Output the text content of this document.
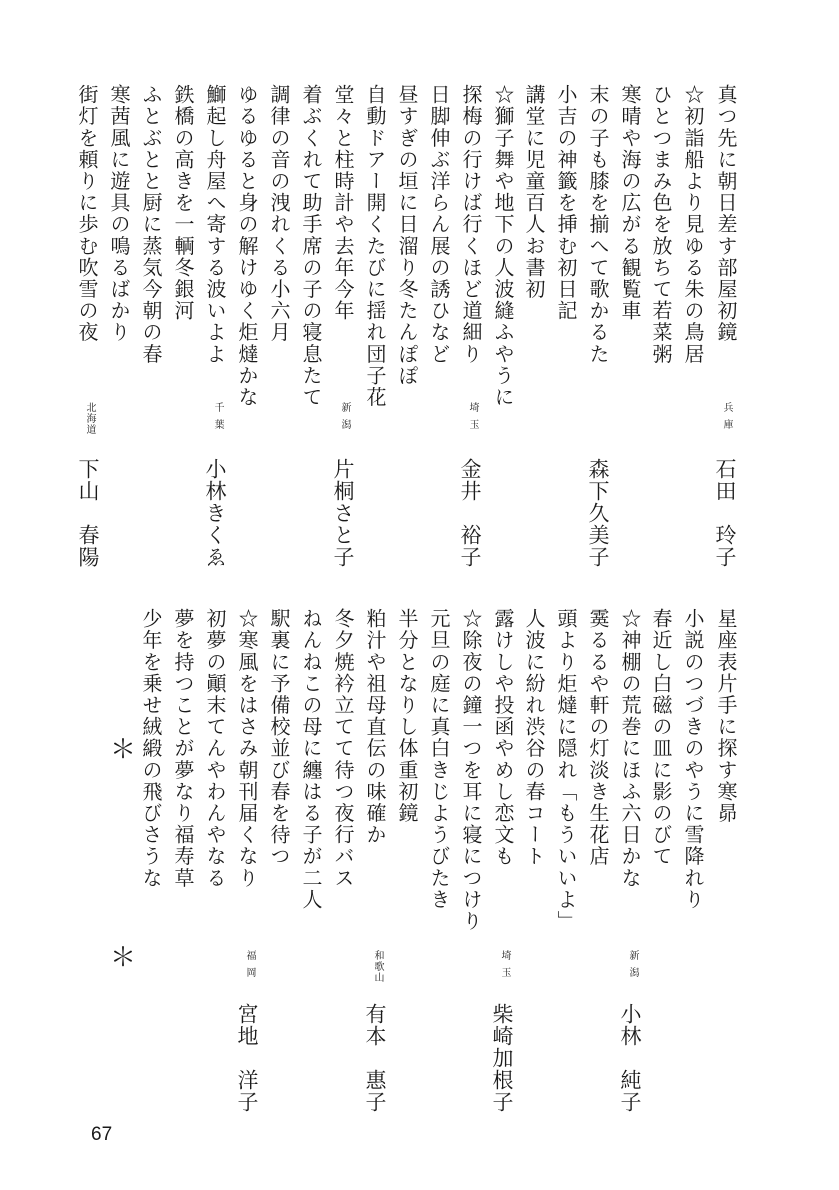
真つ先に朝日差す部屋初鏡

☆初詣船より見ゆる朱の鳥居

ひとつまみ色を放ちて若菜粥

寒晴や海の広がる観覧車

末の子も膝を揃へて歌かるた

小吉の神籤を挿む初日記

講堂に児童百人お書初

☆獅子舞や地下の人波縫ふやうに

探梅の行けば行くほど道細り

日脚伸ぶ洋らん展の誘ひなど

昼すぎの垣に日溜り冬たんぽぽ

自動ドアー開くたびに揺れ団子花

堂々と柱時計や去年今年

着ぶくれて助手席の子の寝息たて

調律の音の洩れくる小六月

ゆるゆると身の解けゆく炬燵かな

鰤起し舟屋へ寄する波いよよ

鉄橋の高きを一輌冬銀河

ふとぶとと厨に蒸気今朝の春

寒茜風に遊具の鳴るばかり

街灯を頼りに歩む吹雪の夜

兵庫
石田　玲子
森下久美子
埼玉
金井　裕子
新潟
片桐さと子
千葉
小林きくゑ
北海道
下山　春陽

星座表片手に探す寒昴

小説のつづきのやうに雪降れり

春近し白磁の皿に影のびて

☆神棚の荒巻にほふ六日かな

霙るるや軒の灯淡き生花店

頭より炬燵に隠れ「もういいよ」

人波に紛れ渋谷の春コート

露けしや投函やめし恋文も

☆除夜の鐘一つを耳に寝につけり

元旦の庭に真白きじようびたき

半分となりし体重初鏡

粕汁や祖母直伝の味確か

冬夕焼衿立てて待つ夜行バス

ねんねこの母に纏はる子が二人

駅裏に予備校並び春を待つ

☆寒風をはさみ朝刊届くなり

初夢の顚末てんやわんやなる

夢を持つことが夢なり福寿草

少年を乗せ絨緞の飛びさうな

新潟
小林　純子
埼玉
柴崎加根子
和歌山
有本　惠子
福岡
宮地　洋子
＊
＊
67
